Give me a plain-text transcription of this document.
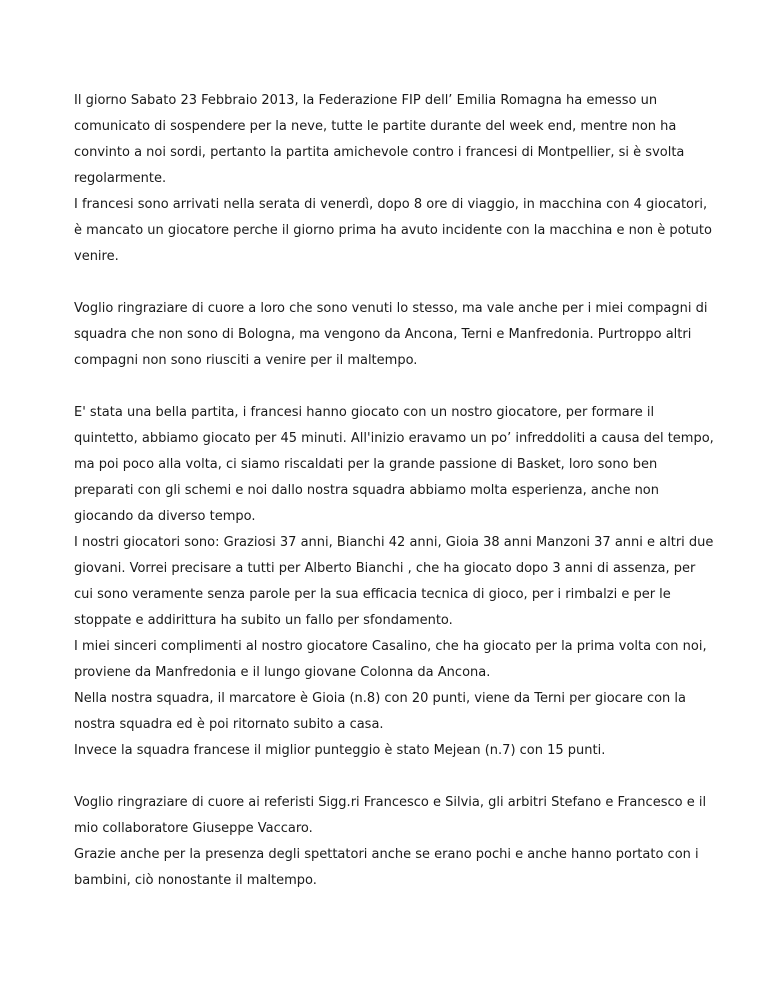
Il giorno Sabato 23 Febbraio 2013, la Federazione FIP dell’ Emilia Romagna ha emesso un comunicato di sospendere per la neve, tutte le partite durante del week end, mentre non ha convinto a noi sordi, pertanto la partita amichevole contro i francesi di Montpellier, si è svolta regolarmente.

I francesi sono arrivati nella serata di venerdì, dopo 8 ore di viaggio, in macchina con 4 giocatori, è mancato un giocatore perche il giorno prima ha avuto incidente con la macchina e non è potuto venire.

Voglio ringraziare di cuore a loro che sono venuti lo stesso, ma vale anche per i miei compagni di squadra che non sono di Bologna, ma vengono da Ancona, Terni e Manfredonia. Purtroppo altri compagni non sono riusciti a venire per il maltempo.

E' stata una bella partita, i francesi hanno giocato con un nostro giocatore, per formare il quintetto, abbiamo giocato per 45 minuti. All'inizio eravamo un po’ infreddoliti a causa del tempo, ma poi poco alla volta, ci siamo riscaldati per la grande passione di Basket, loro sono ben preparati con gli schemi e noi dallo nostra squadra abbiamo molta esperienza, anche non giocando da diverso tempo.

I nostri giocatori sono: Graziosi 37 anni, Bianchi 42 anni, Gioia 38 anni Manzoni 37 anni e altri due giovani. Vorrei precisare a tutti per Alberto Bianchi , che ha giocato dopo 3 anni di assenza, per cui sono veramente senza parole per la sua efficacia tecnica di gioco, per i rimbalzi e per le stoppate e addirittura ha subito un fallo per sfondamento.

I miei sinceri complimenti al nostro giocatore Casalino, che ha giocato per la prima volta con noi, proviene da Manfredonia e il lungo giovane Colonna da Ancona.

Nella nostra squadra, il marcatore è Gioia (n.8) con 20 punti, viene da Terni per giocare con la nostra squadra ed è poi ritornato subito a casa.

Invece la squadra francese il miglior punteggio è stato Mejean (n.7) con 15 punti.

Voglio ringraziare di cuore ai referisti Sigg.ri Francesco e Silvia, gli arbitri Stefano e Francesco e il mio collaboratore Giuseppe Vaccaro.

Grazie anche per la presenza degli spettatori anche se erano pochi e anche hanno portato con i bambini, ciò nonostante il maltempo.
